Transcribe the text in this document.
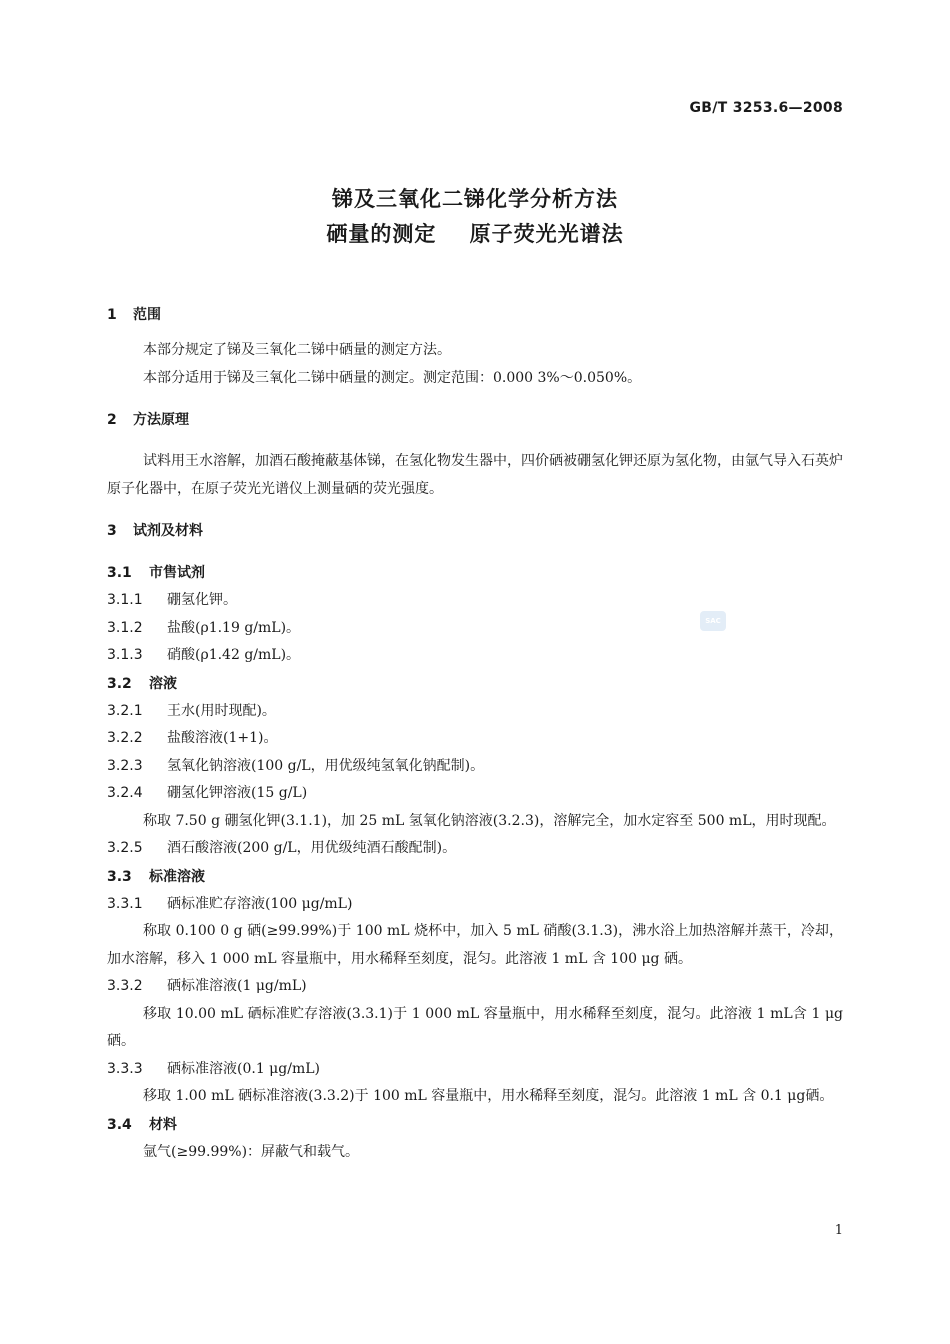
GB/T 3253.6—2008
锑及三氧化二锑化学分析方法
硒量的测定    原子荧光光谱法
SAC
1 范围
本部分规定了锑及三氧化二锑中硒量的测定方法。
本部分适用于锑及三氧化二锑中硒量的测定。测定范围：0.000 3%～0.050%。
2 方法原理
试料用王水溶解，加酒石酸掩蔽基体锑，在氢化物发生器中，四价硒被硼氢化钾还原为氢化物，由氩气导入石英炉原子化器中，在原子荧光光谱仪上测量硒的荧光强度。
3 试剂及材料
3.1 市售试剂
3.1.1 硼氢化钾。
3.1.2 盐酸(ρ1.19 g/mL)。
3.1.3 硝酸(ρ1.42 g/mL)。
3.2 溶液
3.2.1 王水(用时现配)。
3.2.2 盐酸溶液(1+1)。
3.2.3 氢氧化钠溶液(100 g/L，用优级纯氢氧化钠配制)。
3.2.4 硼氢化钾溶液(15 g/L)
称取 7.50 g 硼氢化钾(3.1.1)，加 25 mL 氢氧化钠溶液(3.2.3)，溶解完全，加水定容至 500 mL，用时现配。
3.2.5 酒石酸溶液(200 g/L，用优级纯酒石酸配制)。
3.3 标准溶液
3.3.1 硒标准贮存溶液(100 μg/mL)
称取 0.100 0 g 硒(≥99.99%)于 100 mL 烧杯中，加入 5 mL 硝酸(3.1.3)，沸水浴上加热溶解并蒸干，冷却，加水溶解，移入 1 000 mL 容量瓶中，用水稀释至刻度，混匀。此溶液 1 mL 含 100 μg 硒。
3.3.2 硒标准溶液(1 μg/mL)
移取 10.00 mL 硒标准贮存溶液(3.3.1)于 1 000 mL 容量瓶中，用水稀释至刻度，混匀。此溶液 1 mL含 1 μg 硒。
3.3.3 硒标准溶液(0.1 μg/mL)
移取 1.00 mL 硒标准溶液(3.3.2)于 100 mL 容量瓶中，用水稀释至刻度，混匀。此溶液 1 mL 含 0.1 μg硒。
3.4 材料
氩气(≥99.99%)：屏蔽气和载气。
1
